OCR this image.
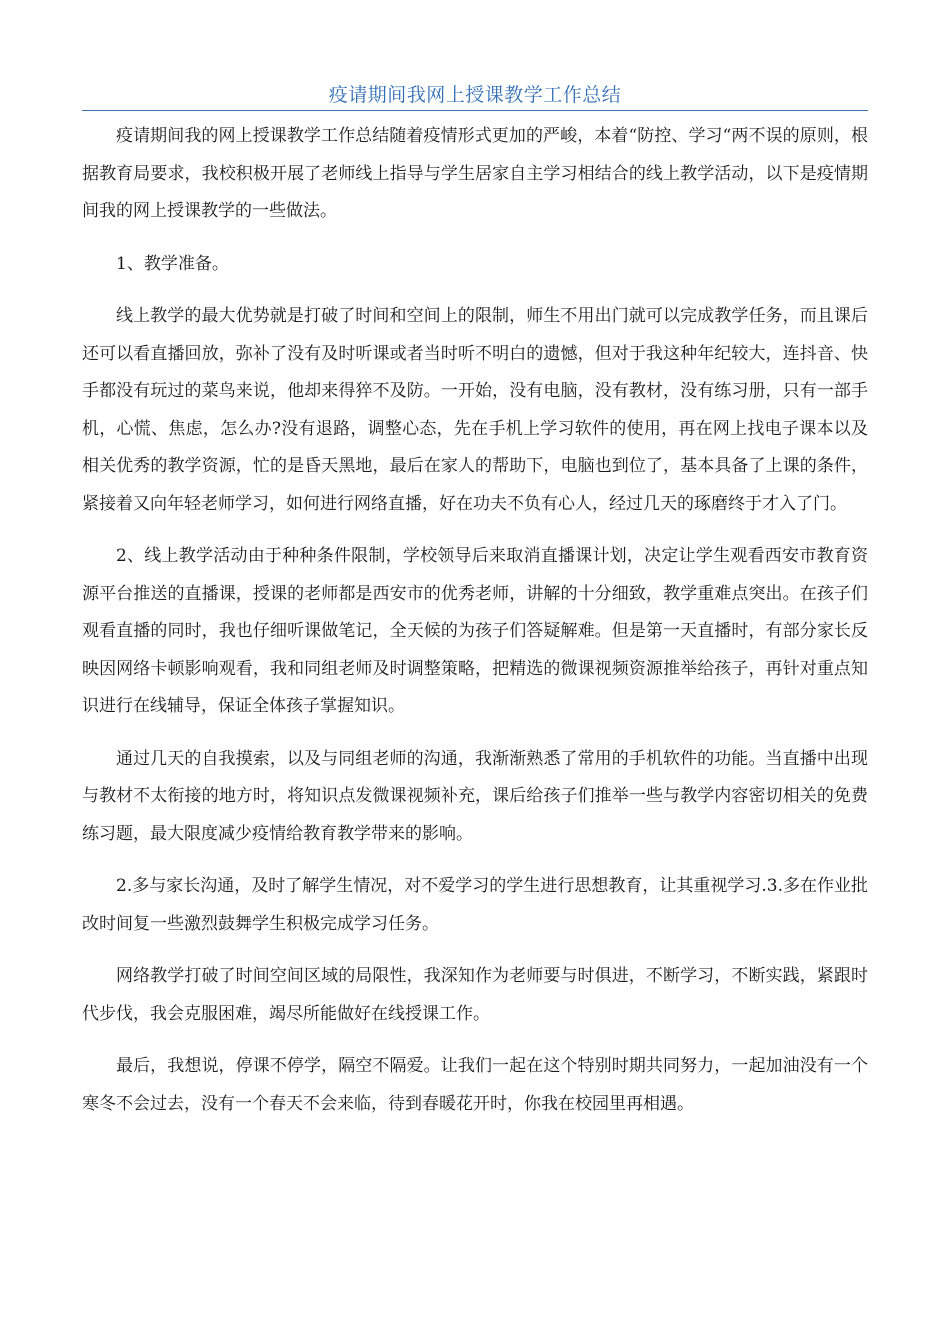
疫请期间我网上授课教学工作总结

疫请期间我的网上授课教学工作总结随着疫情形式更加的严峻，本着“防控、学习“两不误的原则，根据教育局要求，我校积极开展了老师线上指导与学生居家自主学习相结合的线上教学活动，以下是疫情期间我的网上授课教学的一些做法。

1、教学准备。

线上教学的最大优势就是打破了时间和空间上的限制，师生不用出门就可以完成教学任务，而且课后还可以看直播回放，弥补了没有及时听课或者当时听不明白的遗憾，但对于我这种年纪较大，连抖音、快手都没有玩过的菜鸟来说，他却来得猝不及防。一开始，没有电脑，没有教材，没有练习册，只有一部手机，心慌、焦虑，怎么办?没有退路，调整心态，先在手机上学习软件的使用，再在网上找电子课本以及相关优秀的教学资源，忙的是昏天黑地，最后在家人的帮助下，电脑也到位了，基本具备了上课的条件，紧接着又向年轻老师学习，如何进行网络直播，好在功夫不负有心人，经过几天的琢磨终于才入了门。

2、线上教学活动由于种种条件限制，学校领导后来取消直播课计划，决定让学生观看西安市教育资源平台推送的直播课，授课的老师都是西安市的优秀老师，讲解的十分细致，教学重难点突出。在孩子们观看直播的同时，我也仔细听课做笔记，全天候的为孩子们答疑解难。但是第一天直播时，有部分家长反映因网络卡顿影响观看，我和同组老师及时调整策略，把精选的微课视频资源推举给孩子，再针对重点知识进行在线辅导，保证全体孩子掌握知识。

通过几天的自我摸索，以及与同组老师的沟通，我渐渐熟悉了常用的手机软件的功能。当直播中出现与教材不太衔接的地方时，将知识点发微课视频补充，课后给孩子们推举一些与教学内容密切相关的免费练习题，最大限度减少疫情给教育教学带来的影响。

2.多与家长沟通，及时了解学生情况，对不爱学习的学生进行思想教育，让其重视学习.3.多在作业批改时间复一些激烈鼓舞学生积极完成学习任务。

网络教学打破了时间空间区域的局限性，我深知作为老师要与时俱进，不断学习，不断实践，紧跟时代步伐，我会克服困难，竭尽所能做好在线授课工作。

最后，我想说，停课不停学，隔空不隔爱。让我们一起在这个特别时期共同努力，一起加油没有一个寒冬不会过去，没有一个春天不会来临，待到春暖花开时，你我在校园里再相遇。
